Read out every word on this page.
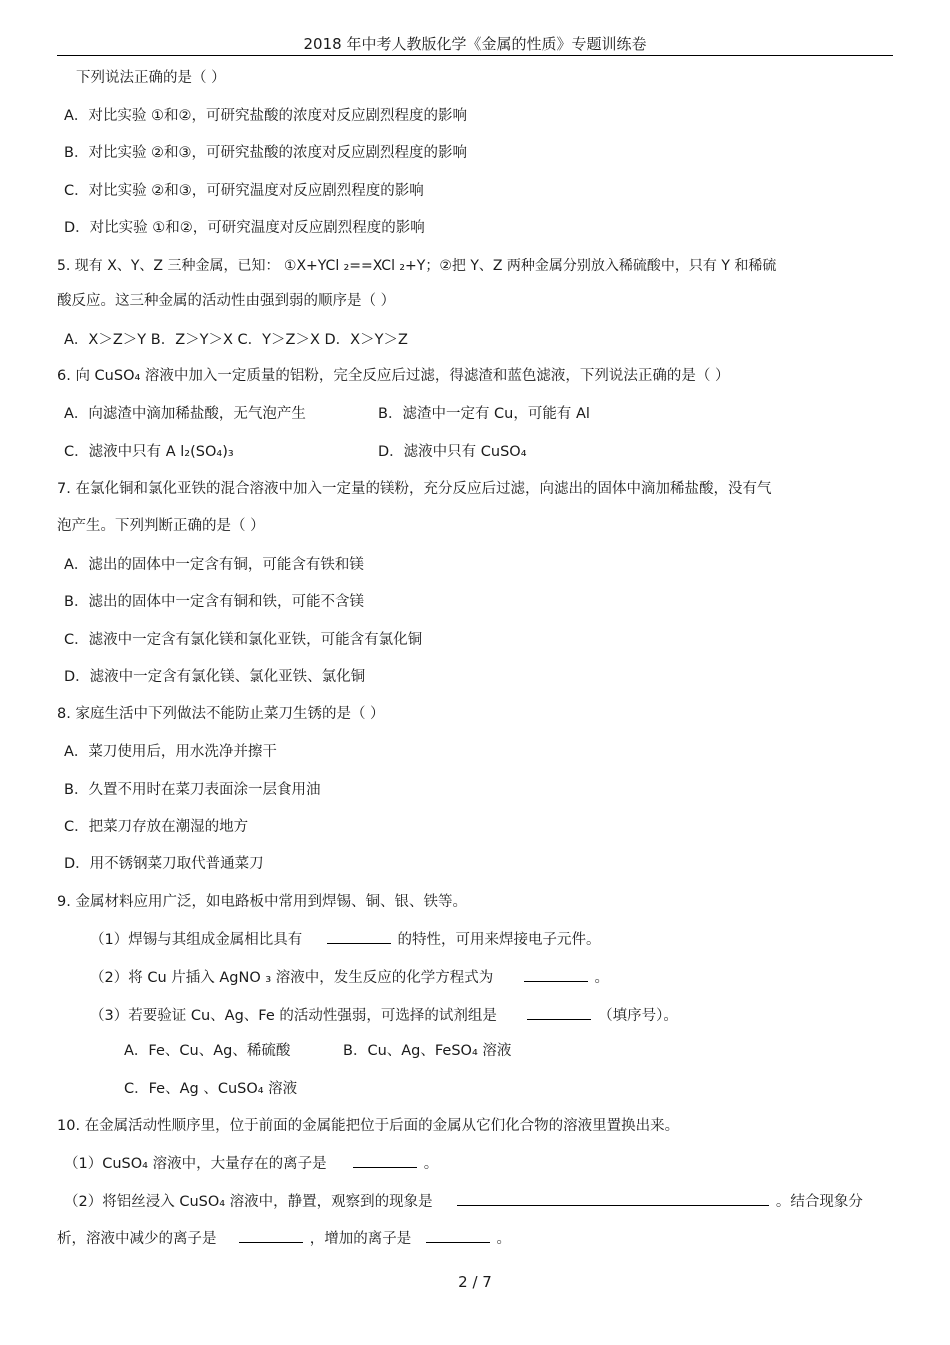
2018 年中考人教版化学《金属的性质》专题训练卷
下列说法正确的是（ ）
A．对比实验 ①和②，可研究盐酸的浓度对反应剧烈程度的影响
B．对比实验 ②和③，可研究盐酸的浓度对反应剧烈程度的影响
C．对比实验 ②和③，可研究温度对反应剧烈程度的影响
D．对比实验 ①和②，可研究温度对反应剧烈程度的影响
5. 现有 X、Y、Z 三种金属，已知： ①X+YCl ₂==XCl ₂+Y；②把 Y、Z 两种金属分别放入稀硫酸中，只有 Y 和稀硫
酸反应。这三种金属的活动性由强到弱的顺序是（ ）
A．X＞Z＞Y B．Z＞Y＞X C．Y＞Z＞X D．X＞Y＞Z
6. 向 CuSO₄ 溶液中加入一定质量的铝粉，完全反应后过滤，得滤渣和蓝色滤液，下列说法正确的是（ ）
A．向滤渣中滴加稀盐酸，无气泡产生	B．滤渣中一定有 Cu，可能有 Al
C．滤液中只有 A l₂(SO₄)₃	D．滤液中只有 CuSO₄
7. 在氯化铜和氯化亚铁的混合溶液中加入一定量的镁粉，充分反应后过滤，向滤出的固体中滴加稀盐酸，没有气
泡产生。下列判断正确的是（ ）
A．滤出的固体中一定含有铜，可能含有铁和镁
B．滤出的固体中一定含有铜和铁，可能不含镁
C．滤液中一定含有氯化镁和氯化亚铁，可能含有氯化铜
D．滤液中一定含有氯化镁、氯化亚铁、氯化铜
8. 家庭生活中下列做法不能防止菜刀生锈的是（ ）
A．菜刀使用后，用水洗净并擦干
B．久置不用时在菜刀表面涂一层食用油
C．把菜刀存放在潮湿的地方
D．用不锈钢菜刀取代普通菜刀
9. 金属材料应用广泛，如电路板中常用到焊锡、铜、银、铁等。
（1）焊锡与其组成金属相比具有	的特性，可用来焊接电子元件。
（2）将 Cu 片插入 AgNO ₃ 溶液中，发生反应的化学方程式为	。
（3）若要验证 Cu、Ag、Fe 的活动性强弱，可选择的试剂组是	（填序号）。
A．Fe、Cu、Ag、稀硫酸	B．Cu、Ag、FeSO₄ 溶液
C．Fe、Ag 、CuSO₄ 溶液
10. 在金属活动性顺序里，位于前面的金属能把位于后面的金属从它们化合物的溶液里置换出来。
（1）CuSO₄ 溶液中，大量存在的离子是	。
（2）将铝丝浸入 CuSO₄ 溶液中，静置，观察到的现象是	。结合现象分
析，溶液中减少的离子是	，增加的离子是	。
2 / 7
